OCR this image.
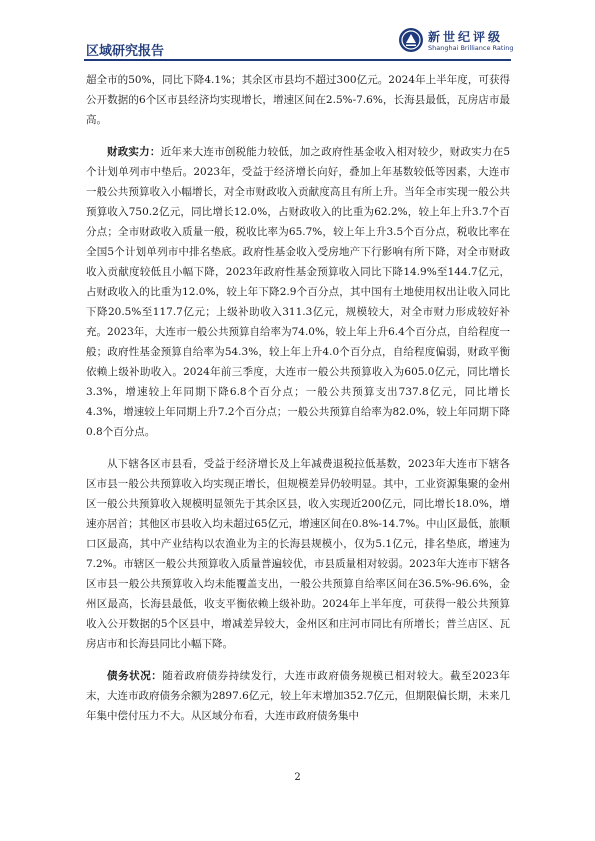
区域研究报告
新世纪评级
Shanghai Brilliance Rating

超全市的50%，同比下降4.1%；其余区市县均不超过300亿元。2024年上半年度，可获得公开数据的6个区市县经济均实现增长，增速区间在2.5%-7.6%，长海县最低，瓦房店市最高。

财政实力：近年来大连市创税能力较低，加之政府性基金收入相对较少，财政实力在5个计划单列市中垫后。2023年，受益于经济增长向好，叠加上年基数较低等因素，大连市一般公共预算收入小幅增长，对全市财政收入贡献度高且有所上升。当年全市实现一般公共预算收入750.2亿元，同比增长12.0%，占财政收入的比重为62.2%，较上年上升3.7个百分点；全市财政收入质量一般，税收比率为65.7%，较上年上升3.5个百分点，税收比率在全国5个计划单列市中排名垫底。政府性基金收入受房地产下行影响有所下降，对全市财政收入贡献度较低且小幅下降，2023年政府性基金预算收入同比下降14.9%至144.7亿元，占财政收入的比重为12.0%，较上年下降2.9个百分点，其中国有土地使用权出让收入同比下降20.5%至117.7亿元；上级补助收入311.3亿元，规模较大，对全市财力形成较好补充。2023年，大连市一般公共预算自给率为74.0%，较上年上升6.4个百分点，自给程度一般；政府性基金预算自给率为54.3%，较上年上升4.0个百分点，自给程度偏弱，财政平衡依赖上级补助收入。2024年前三季度，大连市一般公共预算收入为605.0亿元，同比增长3.3%，增速较上年同期下降6.8个百分点；一般公共预算支出737.8亿元，同比增长4.3%，增速较上年同期上升7.2个百分点；一般公共预算自给率为82.0%，较上年同期下降0.8个百分点。

从下辖各区市县看，受益于经济增长及上年减费退税拉低基数，2023年大连市下辖各区市县一般公共预算收入均实现正增长，但规模差异仍较明显。其中，工业资源集聚的金州区一般公共预算收入规模明显领先于其余区县，收入实现近200亿元，同比增长18.0%，增速亦居首；其他区市县收入均未超过65亿元，增速区间在0.8%-14.7%。中山区最低，旅顺口区最高，其中产业结构以农渔业为主的长海县规模小，仅为5.1亿元，排名垫底，增速为7.2%。市辖区一般公共预算收入质量普遍较优，市县质量相对较弱。2023年大连市下辖各区市县一般公共预算收入均未能覆盖支出，一般公共预算自给率区间在36.5%-96.6%，金州区最高，长海县最低，收支平衡依赖上级补助。2024年上半年度，可获得一般公共预算收入公开数据的5个区县中，增减差异较大，金州区和庄河市同比有所增长；普兰店区、瓦房店市和长海县同比小幅下降。

债务状况：随着政府债券持续发行，大连市政府债务规模已相对较大。截至2023年末，大连市政府债务余额为2897.6亿元，较上年末增加352.7亿元，但期限偏长期，未来几年集中偿付压力不大。从区域分布看，大连市政府债务集中

2
